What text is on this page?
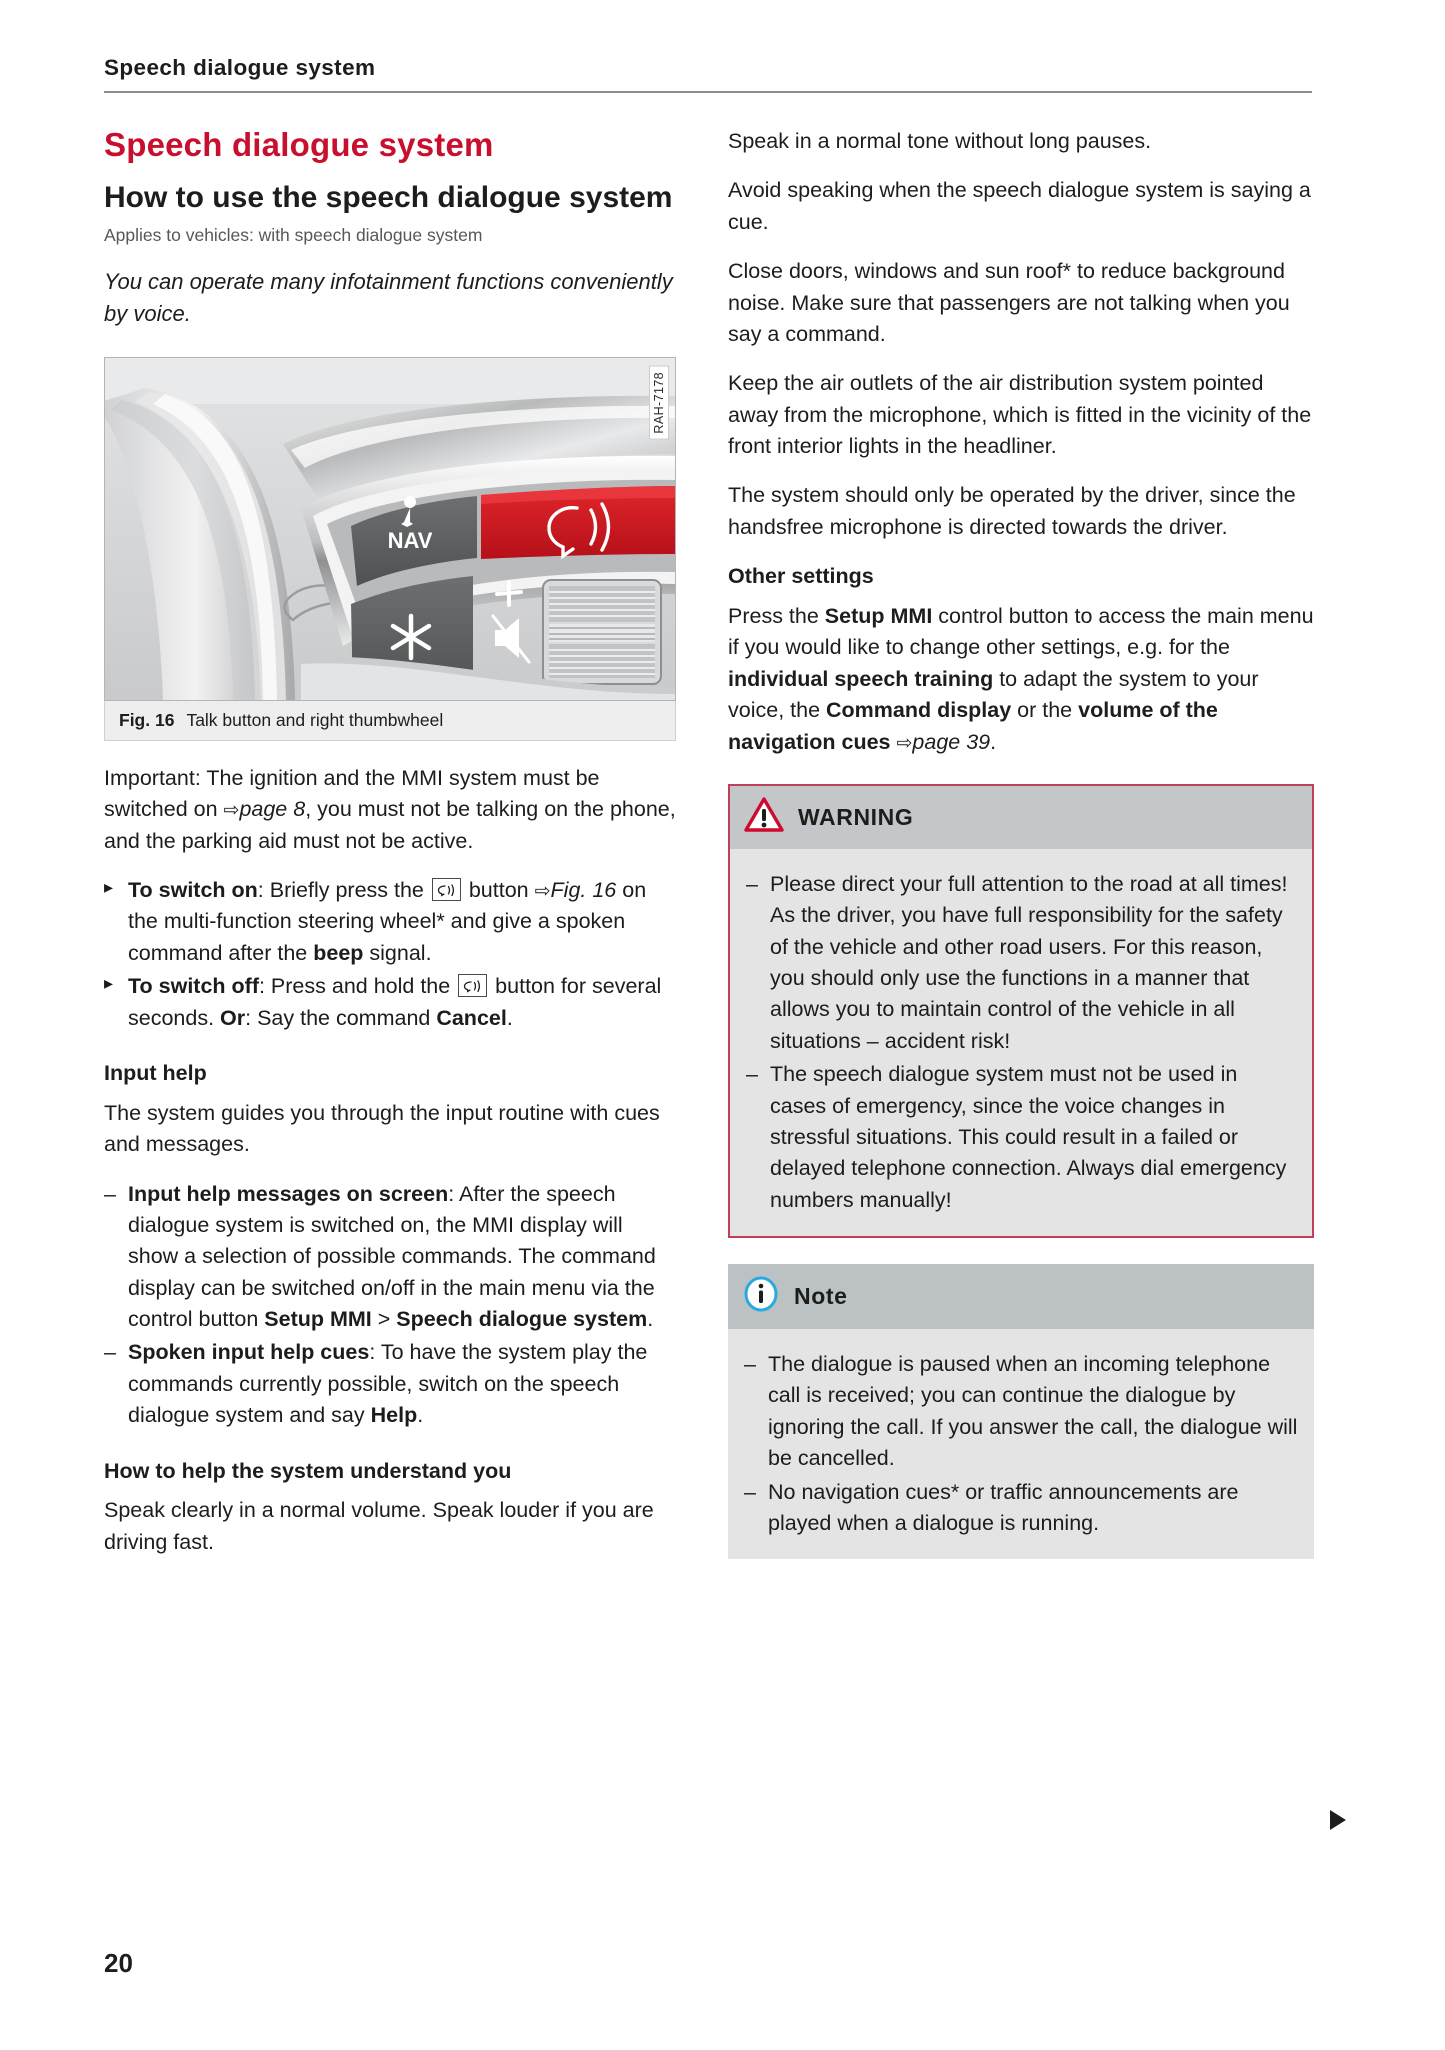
Speech dialogue system
Speech dialogue system
How to use the speech dialogue system
Applies to vehicles: with speech dialogue system

You can operate many infotainment functions conveniently by voice.

NAV
RAH-7178
Fig. 16 Talk button and right thumbwheel

Important: The ignition and the MMI system must be switched on ⇨page 8, you must not be talking on the phone, and the parking aid must not be active.

▸ To switch on: Briefly press the
button ⇨Fig. 16 on the multi-function steering wheel* and give a spoken command after the beep signal.
▸ To switch off: Press and hold the
button for several seconds. Or: Say the command Cancel.
Input help

The system guides you through the input routine with cues and messages.

– Input help messages on screen: After the speech dialogue system is switched on, the MMI display will show a selection of possible commands. The command display can be switched on/off in the main menu via the control button Setup MMI > Speech dialogue system.
– Spoken input help cues: To have the system play the commands currently possible, switch on the speech dialogue system and say Help.
How to help the system understand you

Speak clearly in a normal volume. Speak louder if you are driving fast.

Speak in a normal tone without long pauses.

Avoid speaking when the speech dialogue system is saying a cue.

Close doors, windows and sun roof* to reduce background noise. Make sure that passengers are not talking when you say a command.

Keep the air outlets of the air distribution system pointed away from the microphone, which is fitted in the vicinity of the front interior lights in the headliner.

The system should only be operated by the driver, since the handsfree microphone is directed towards the driver.

Other settings

Press the Setup MMI control button to access the main menu if you would like to change other settings, e.g. for the individual speech training to adapt the system to your voice, the Command display or the volume of the navigation cues ⇨page 39.

WARNING
– Please direct your full attention to the road at all times! As the driver, you have full responsibility for the safety of the vehicle and other road users. For this reason, you should only use the functions in a manner that allows you to maintain control of the vehicle in all situations – accident risk!
– The speech dialogue system must not be used in cases of emergency, since the voice changes in stressful situations. This could result in a failed or delayed telephone connection. Always dial emergency numbers manually!
Note
– The dialogue is paused when an incoming telephone call is received; you can continue the dialogue by ignoring the call. If you answer the call, the dialogue will be cancelled.
– No navigation cues* or traffic announcements are played when a dialogue is running.
20
